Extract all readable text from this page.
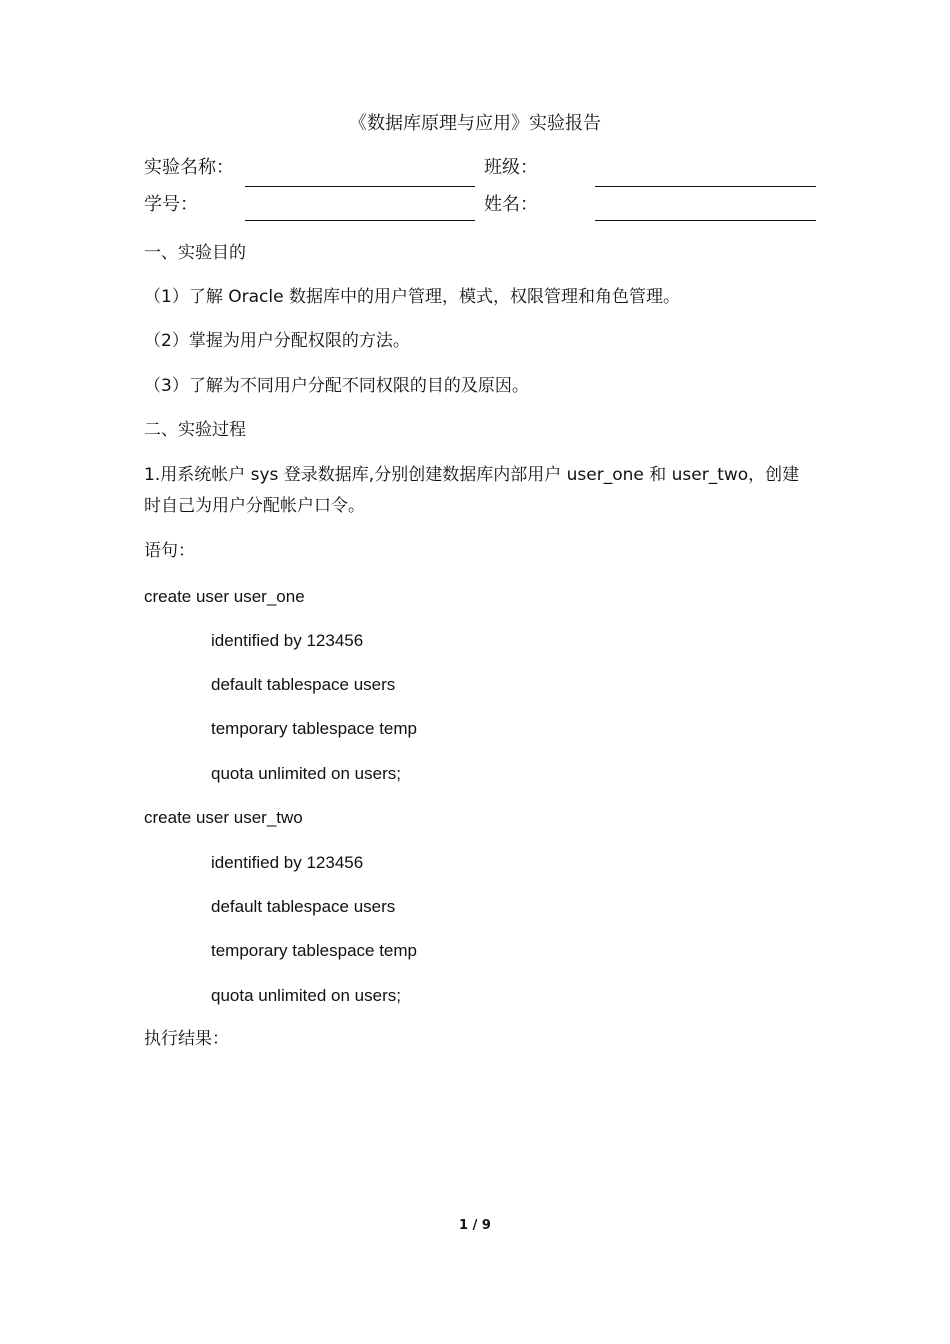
《数据库原理与应用》实验报告
实验名称：	班级：
学号：	姓名：
一、实验目的
（1）了解 Oracle 数据库中的用户管理，模式，权限管理和角色管理。
（2）掌握为用户分配权限的方法。
（3）了解为不同用户分配不同权限的目的及原因。
二、实验过程
1.用系统帐户 sys 登录数据库,分别创建数据库内部用户 user_one 和 user_two，创建时自己为用户分配帐户口令。
语句：
create user user_one
identified by 123456
default tablespace users
temporary tablespace temp
quota unlimited on users;
create user user_two
identified by 123456
default tablespace users
temporary tablespace temp
quota unlimited on users;
执行结果：
1 / 9
